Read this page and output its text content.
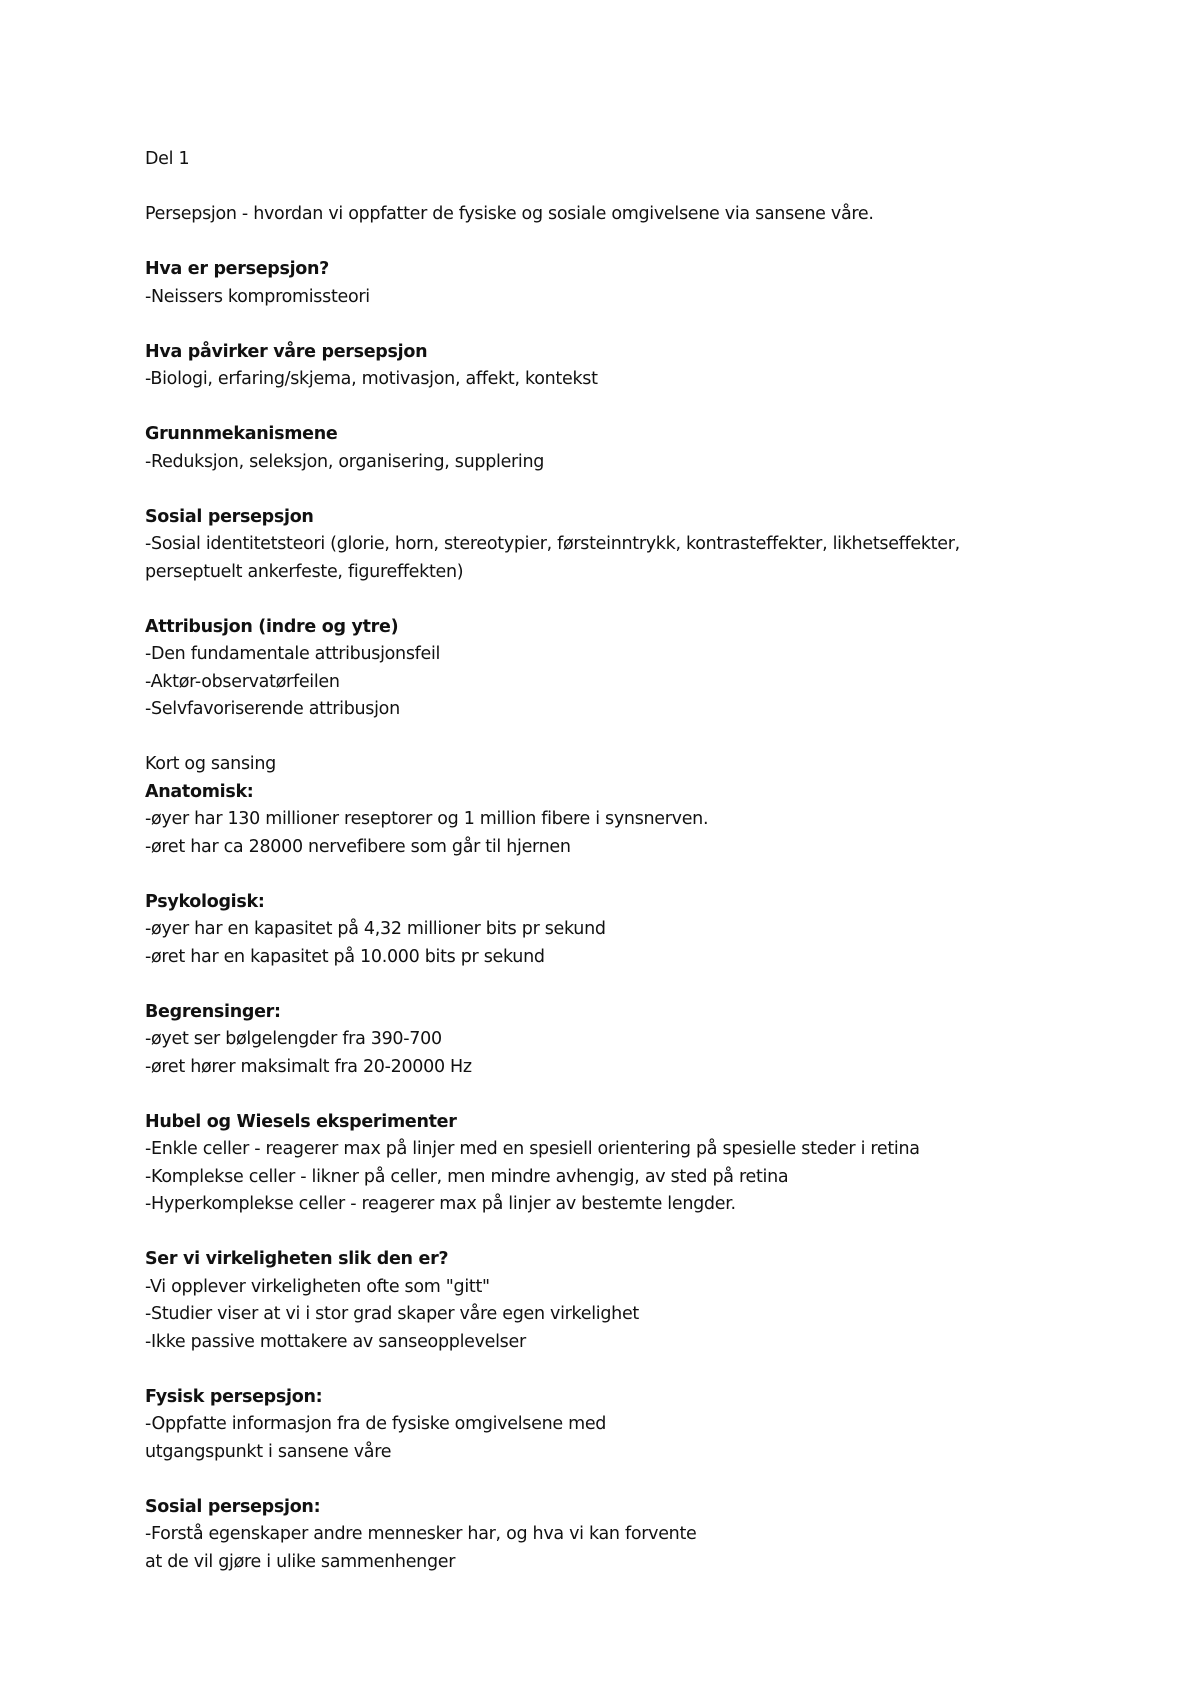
Del 1
Persepsjon - hvordan vi oppfatter de fysiske og sosiale omgivelsene via sansene våre.
Hva er persepsjon?
-Neissers kompromissteori
Hva påvirker våre persepsjon
-Biologi, erfaring/skjema, motivasjon, affekt, kontekst
Grunnmekanismene
-Reduksjon, seleksjon, organisering, supplering
Sosial persepsjon
-Sosial identitetsteori (glorie, horn, stereotypier, førsteinntrykk, kontrasteffekter, likhetseffekter,
perseptuelt ankerfeste, figureffekten)
Attribusjon (indre og ytre)
-Den fundamentale attribusjonsfeil
-Aktør-observatørfeilen
-Selvfavoriserende attribusjon
Kort og sansing
Anatomisk:
-øyer har 130 millioner reseptorer og 1 million fibere i synsnerven.
-øret har ca 28000 nervefibere som går til hjernen
Psykologisk:
-øyer har en kapasitet på 4,32 millioner bits pr sekund
-øret har en kapasitet på 10.000 bits pr sekund
Begrensinger:
-øyet ser bølgelengder fra 390-700
-øret hører maksimalt fra 20-20000 Hz
Hubel og Wiesels eksperimenter
-Enkle celler - reagerer max på linjer med en spesiell orientering på spesielle steder i retina
-Komplekse celler - likner på celler, men mindre avhengig, av sted på retina
-Hyperkomplekse celler - reagerer max på linjer av bestemte lengder.
Ser vi virkeligheten slik den er?
-Vi opplever virkeligheten ofte som "gitt"
-Studier viser at vi i stor grad skaper våre egen virkelighet
-Ikke passive mottakere av sanseopplevelser
Fysisk persepsjon:
-Oppfatte informasjon fra de fysiske omgivelsene med
utgangspunkt i sansene våre
Sosial persepsjon:
-Forstå egenskaper andre mennesker har, og hva vi kan forvente
at de vil gjøre i ulike sammenhenger
